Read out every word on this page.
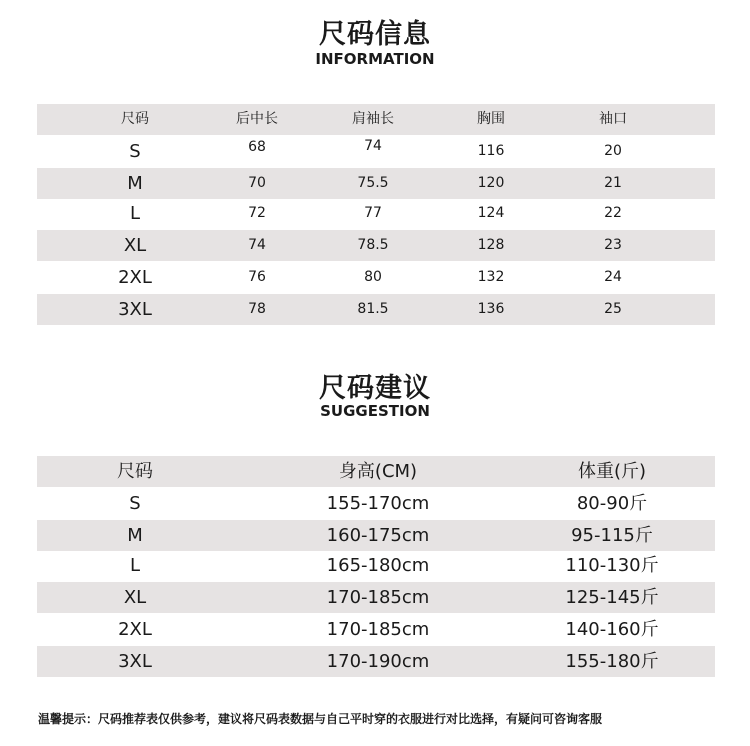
尺码信息
INFORMATION
尺码	后中长	肩袖长	胸围	袖口
S	68	74	116	20
M	70	75.5	120	21
L	72	77	124	22
XL	74	78.5	128	23
2XL	76	80	132	24
3XL	78	81.5	136	25
尺码建议
SUGGESTION
尺码	身高(CM)	体重(斤)
S	155-170cm	80-90斤
M	160-175cm	95-115斤
L	165-180cm	110-130斤
XL	170-185cm	125-145斤
2XL	170-185cm	140-160斤
3XL	170-190cm	155-180斤
温馨提示：尺码推荐表仅供参考，建议将尺码表数据与自己平时穿的衣服进行对比选择，有疑问可咨询客服
